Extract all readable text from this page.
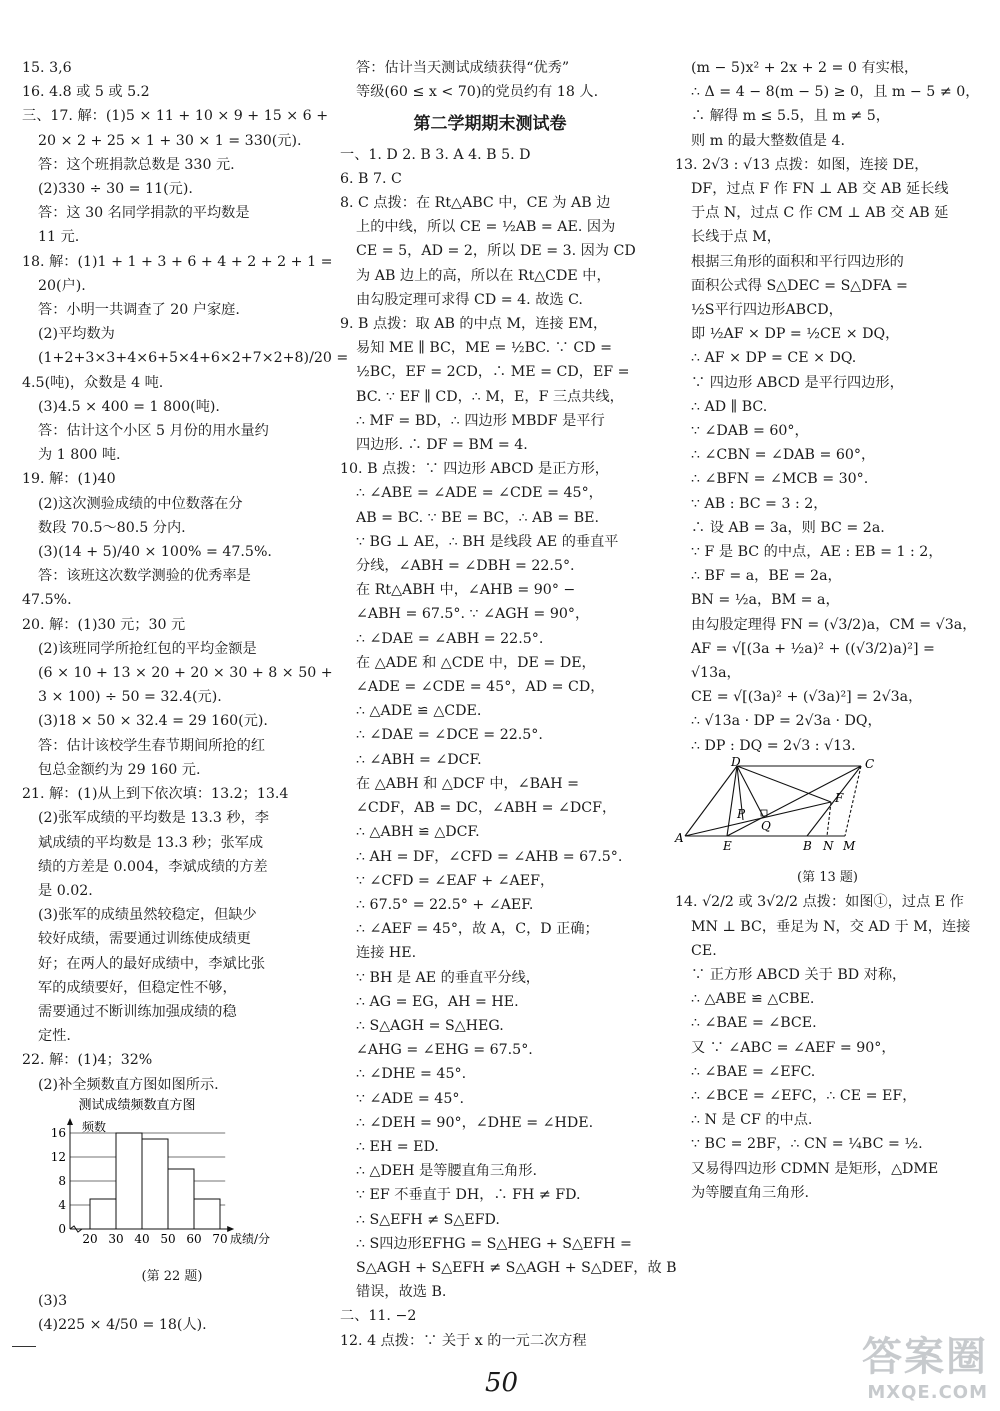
15. 3,6
16. 4.8 或 5 或 5.2
三、17. 解：(1)5 × 11 + 10 × 9 + 15 × 6 +
20 × 2 + 25 × 1 + 30 × 1 = 330(元).
答：这个班捐款总数是 330 元.
(2)330 ÷ 30 = 11(元).
答：这 30 名同学捐款的平均数是
11 元.
18. 解：(1)1 + 1 + 3 + 6 + 4 + 2 + 2 + 1 =
20(户).
答：小明一共调查了 20 户家庭.
(2)平均数为
(1+2+3×3+4×6+5×4+6×2+7×2+8)/20 =
4.5(吨)，众数是 4 吨.
(3)4.5 × 400 = 1 800(吨).
答：估计这个小区 5 月份的用水量约
为 1 800 吨.
19. 解：(1)40
(2)这次测验成绩的中位数落在分
数段 70.5～80.5 分内.
(3)(14 + 5)/40 × 100% = 47.5%.
答：该班这次数学测验的优秀率是
47.5%.
20. 解：(1)30 元；30 元
(2)该班同学所抢红包的平均金额是
(6 × 10 + 13 × 20 + 20 × 30 + 8 × 50 +
3 × 100) ÷ 50 = 32.4(元).
(3)18 × 50 × 32.4 = 29 160(元).
答：估计该校学生春节期间所抢的红
包总金额约为 29 160 元.
21. 解：(1)从上到下依次填：13.2；13.4
(2)张军成绩的平均数是 13.3 秒，李
斌成绩的平均数是 13.3 秒；张军成
绩的方差是 0.004，李斌成绩的方差
是 0.02.
(3)张军的成绩虽然较稳定，但缺少
较好成绩，需要通过训练使成绩更
好；在两人的最好成绩中，李斌比张
军的成绩要好，但稳定性不够，
需要通过不断训练加强成绩的稳
定性.
22. 解：(1)4；32%
(2)补全频数直方图如图所示.
测试成绩频数直方图
0
4
8
12
16
20 30 40 50 60 70
频数
成绩/分
(第 22 题)
(3)3
(4)225 × 4/50 = 18(人).
答：估计当天测试成绩获得“优秀”
等级(60 ≤ x < 70)的党员约有 18 人.
第二学期期末测试卷
一、1. D 2. B 3. A 4. B 5. D
6. B 7. C
8. C 点拨：在 Rt△ABC 中，CE 为 AB 边
上的中线，所以 CE = ½AB = AE. 因为
CE = 5，AD = 2，所以 DE = 3. 因为 CD
为 AB 边上的高，所以在 Rt△CDE 中，
由勾股定理可求得 CD = 4. 故选 C.
9. B 点拨：取 AB 的中点 M，连接 EM，
易知 ME ∥ BC，ME = ½BC. ∵ CD =
½BC，EF = 2CD，∴ ME = CD，EF =
BC. ∵ EF ∥ CD，∴ M，E，F 三点共线，
∴ MF = BD，∴ 四边形 MBDF 是平行
四边形. ∴ DF = BM = 4.
10. B 点拨：∵ 四边形 ABCD 是正方形，
∴ ∠ABE = ∠ADE = ∠CDE = 45°，
AB = BC. ∵ BE = BC，∴ AB = BE.
∵ BG ⊥ AE，∴ BH 是线段 AE 的垂直平
分线，∠ABH = ∠DBH = 22.5°.
在 Rt△ABH 中，∠AHB = 90° −
∠ABH = 67.5°. ∵ ∠AGH = 90°，
∴ ∠DAE = ∠ABH = 22.5°.
在 △ADE 和 △CDE 中，DE = DE，
∠ADE = ∠CDE = 45°，AD = CD，
∴ △ADE ≌ △CDE.
∴ ∠DAE = ∠DCE = 22.5°.
∴ ∠ABH = ∠DCF.
在 △ABH 和 △DCF 中，∠BAH =
∠CDF，AB = DC，∠ABH = ∠DCF，
∴ △ABH ≌ △DCF.
∴ AH = DF，∠CFD = ∠AHB = 67.5°.
∵ ∠CFD = ∠EAF + ∠AEF，
∴ 67.5° = 22.5° + ∠AEF.
∴ ∠AEF = 45°，故 A，C，D 正确；
连接 HE.
∵ BH 是 AE 的垂直平分线，
∴ AG = EG，AH = HE.
∴ S△AGH = S△HEG.
∠AHG = ∠EHG = 67.5°.
∴ ∠DHE = 45°.
∵ ∠ADE = 45°.
∴ ∠DEH = 90°，∠DHE = ∠HDE.
∴ EH = ED.
∴ △DEH 是等腰直角三角形.
∵ EF 不垂直于 DH，∴ FH ≠ FD.
∴ S△EFH ≠ S△EFD.
∴ S四边形EFHG = S△HEG + S△EFH =
S△AGH + S△EFH ≠ S△AGH + S△DEF，故 B
错误，故选 B.
二、11. −2
12. 4 点拨：∵ 关于 x 的一元二次方程
(m − 5)x² + 2x + 2 = 0 有实根，
∴ Δ = 4 − 8(m − 5) ≥ 0，且 m − 5 ≠ 0，
∴ 解得 m ≤ 5.5，且 m ≠ 5，
则 m 的最大整数值是 4.
13. 2√3 : √13 点拨：如图，连接 DE，
DF，过点 F 作 FN ⊥ AB 交 AB 延长线
于点 N，过点 C 作 CM ⊥ AB 交 AB 延
长线于点 M，
根据三角形的面积和平行四边形的
面积公式得 S△DEC = S△DFA =
½S平行四边形ABCD，
即 ½AF × DP = ½CE × DQ，
∴ AF × DP = CE × DQ.
∵ 四边形 ABCD 是平行四边形，
∴ AD ∥ BC.
∵ ∠DAB = 60°，
∴ ∠CBN = ∠DAB = 60°，
∴ ∠BFN = ∠MCB = 30°.
∵ AB : BC = 3 : 2，
∴ 设 AB = 3a，则 BC = 2a.
∵ F 是 BC 的中点，AE : EB = 1 : 2，
∴ BF = a，BE = 2a，
BN = ½a，BM = a，
由勾股定理得 FN = (√3/2)a，CM = √3a，
AF = √[(3a + ½a)² + ((√3/2)a)²] =
√13a，
CE = √[(3a)² + (√3a)²] = 2√3a，
∴ √13a · DP = 2√3a · DQ，
∴ DP : DQ = 2√3 : √13.
D	C
P
Q
F
A
E	B N M
(第 13 题)
14. √2/2 或 3√2/2 点拨：如图①，过点 E 作
MN ⊥ BC，垂足为 N，交 AD 于 M，连接
CE.
∵ 正方形 ABCD 关于 BD 对称，
∴ △ABE ≌ △CBE.
∴ ∠BAE = ∠BCE.
又 ∵ ∠ABC = ∠AEF = 90°，
∴ ∠BAE = ∠EFC.
∴ ∠BCE = ∠EFC，∴ CE = EF，
∴ N 是 CF 的中点.
∵ BC = 2BF，∴ CN = ¼BC = ½.
又易得四边形 CDMN 是矩形，△DME
为等腰直角三角形.
50
答案圈
MXQE.COM
